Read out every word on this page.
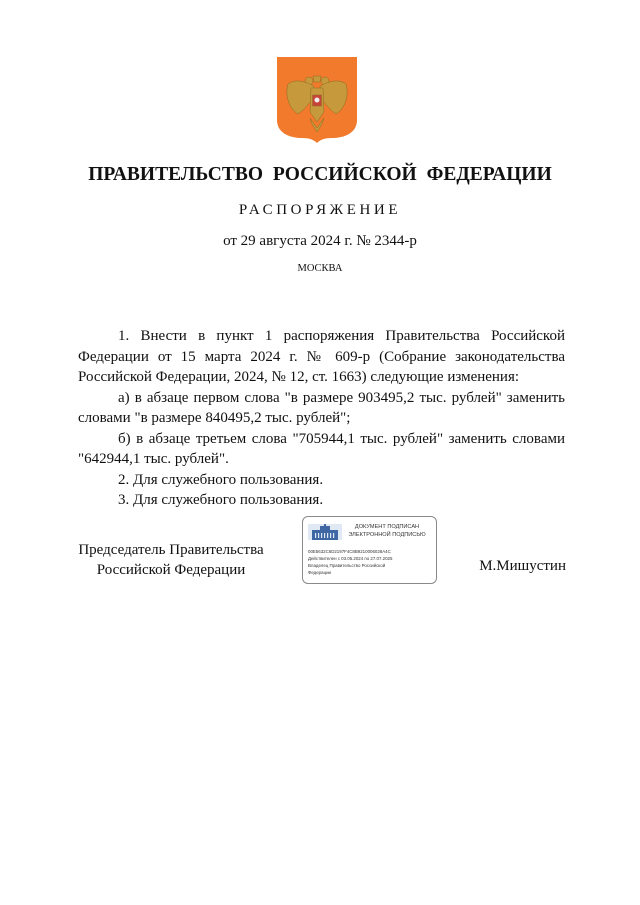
ПРАВИТЕЛЬСТВО РОССИЙСКОЙ ФЕДЕРАЦИИ
РАСПОРЯЖЕНИЕ
от 29 августа 2024 г. № 2344-р
МОСКВА

1. Внести в пункт 1 распоряжения Правительства Российской Федерации от 15 марта 2024 г. № 609-р (Собрание законодательства Российской Федерации, 2024, № 12, ст. 1663) следующие изменения:

а) в абзаце первом слова "в размере 903495,2 тыс. рублей" заменить словами "в размере 840495,2 тыс. рублей";

б) в абзаце третьем слова "705944,1 тыс. рублей" заменить словами "642944,1 тыс. рублей".

2. Для служебного пользования.

3. Для служебного пользования.

Председатель Правительства
Российской Федерации
ДОКУМЕНТ ПОДПИСАН
ЭЛЕКТРОННОЙ ПОДПИСЬЮ
00E5632C6D2197F4C8B9210006028A4C
Действителен с 03.05.2024 по 27.07.2025
Владелец Правительство Российской
Федерации	М.Мишустин
